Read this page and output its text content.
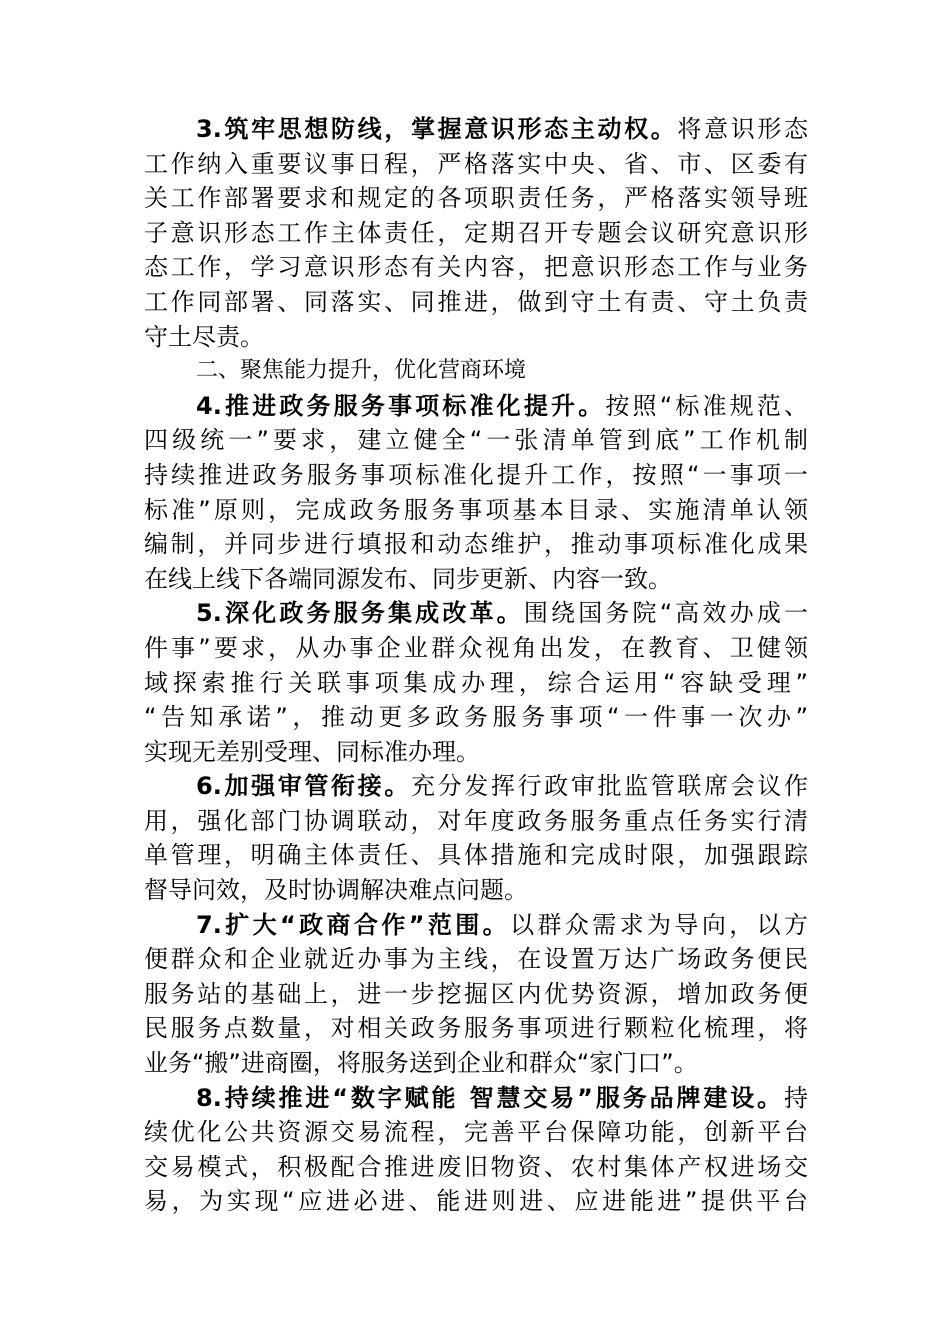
3.筑牢思想防线，掌握意识形态主动权。将意识形态
工作纳入重要议事日程，严格落实中央、省、市、区委有
关工作部署要求和规定的各项职责任务，严格落实领导班
子意识形态工作主体责任，定期召开专题会议研究意识形
态工作，学习意识形态有关内容，把意识形态工作与业务
工作同部署、同落实、同推进，做到守土有责、守土负责
守土尽责。
二、聚焦能力提升，优化营商环境
4.推进政务服务事项标准化提升。按照“标准规范、
四级统一”要求，建立健全“一张清单管到底”工作机制
持续推进政务服务事项标准化提升工作，按照“一事项一
标准”原则，完成政务服务事项基本目录、实施清单认领
编制，并同步进行填报和动态维护，推动事项标准化成果
在线上线下各端同源发布、同步更新、内容一致。
5.深化政务服务集成改革。围绕国务院“高效办成一
件事”要求，从办事企业群众视角出发，在教育、卫健领
域探索推行关联事项集成办理，综合运用“容缺受理”
“告知承诺”，推动更多政务服务事项“一件事一次办”
实现无差别受理、同标准办理。
6.加强审管衔接。充分发挥行政审批监管联席会议作
用，强化部门协调联动，对年度政务服务重点任务实行清
单管理，明确主体责任、具体措施和完成时限，加强跟踪
督导问效，及时协调解决难点问题。
7.扩大“政商合作”范围。以群众需求为导向，以方
便群众和企业就近办事为主线，在设置万达广场政务便民
服务站的基础上，进一步挖掘区内优势资源，增加政务便
民服务点数量，对相关政务服务事项进行颗粒化梳理，将
业务“搬”进商圈，将服务送到企业和群众“家门口”。
8.持续推进“数字赋能 智慧交易”服务品牌建设。持
续优化公共资源交易流程，完善平台保障功能，创新平台
交易模式，积极配合推进废旧物资、农村集体产权进场交
易，为实现“应进必进、能进则进、应进能进”提供平台
